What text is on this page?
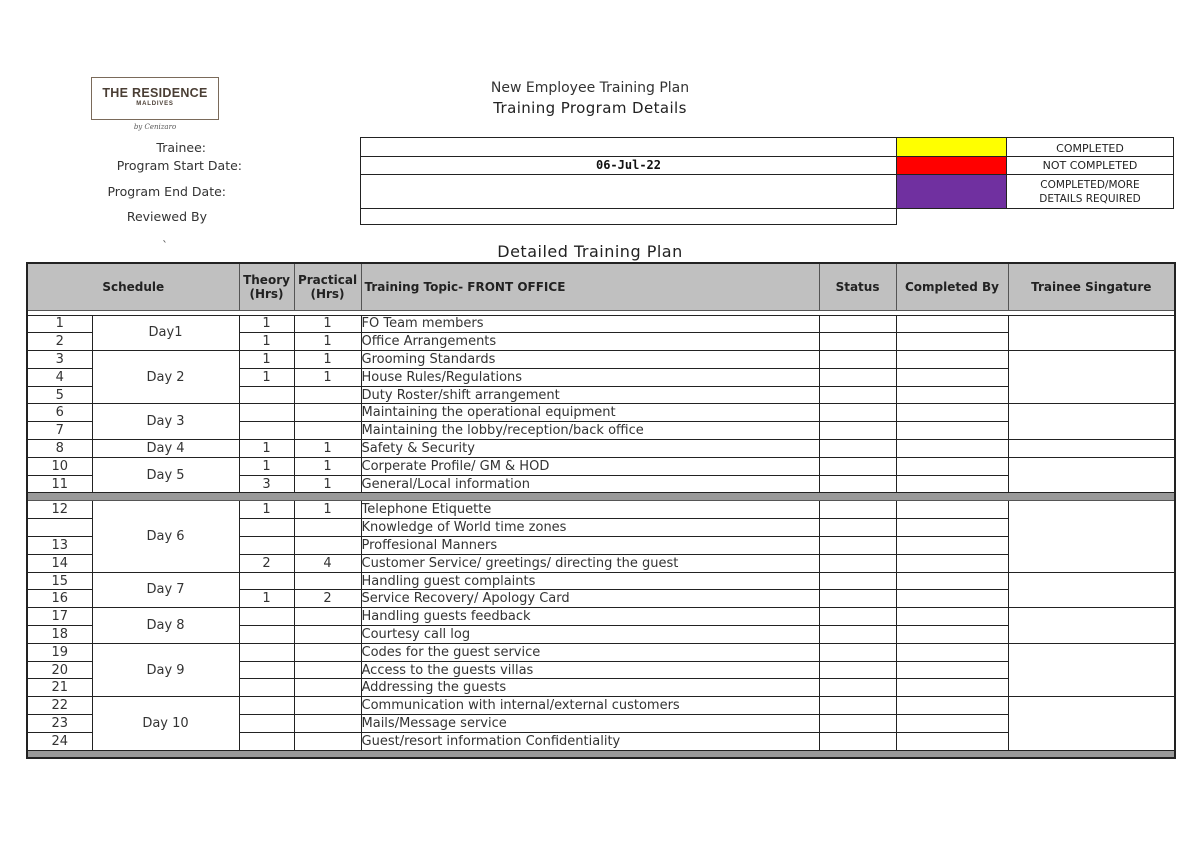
THE RESIDENCE
MALDIVES
by Cenizaro
New Employee Training Plan
Training Program Details
Trainee:
Program Start Date:
Program End Date:
Reviewed By
06-Jul-22
COMPLETED
NOT COMPLETED
COMPLETED/MORE DETAILS REQUIRED
`	Detailed Training Plan
Schedule		Theory (Hrs)	Practical (Hrs)	Training Topic- FRONT OFFICE	Status	Completed By	Trainee Singature

1	Day1	1	1	FO Team members			
2		1	1	Office Arrangements			
3	Day 2	1	1	Grooming Standards			
4		1	1	House Rules/Regulations			
5				Duty Roster/shift arrangement			
6	Day 3			Maintaining the operational equipment			
7				Maintaining the lobby/reception/back office			
8	Day 4	1	1	Safety & Security			
10	Day 5	1	1	Corperate Profile/ GM & HOD			
11		3	1	General/Local information			

12	Day 6	1	1	Telephone Etiquette			
				Knowledge of World time zones			
13				Proffesional Manners			
14		2	4	Customer Service/ greetings/ directing the guest			
15	Day 7			Handling guest complaints			
16		1	2	Service Recovery/ Apology Card			
17	Day 8			Handling guests feedback			
18				Courtesy call log			
19	Day 9			Codes for the guest service			
20				Access to the guests villas			
21				Addressing the guests			
22	Day 10			Communication with internal/external customers			
23				Mails/Message service			
24				Guest/resort information Confidentiality			
